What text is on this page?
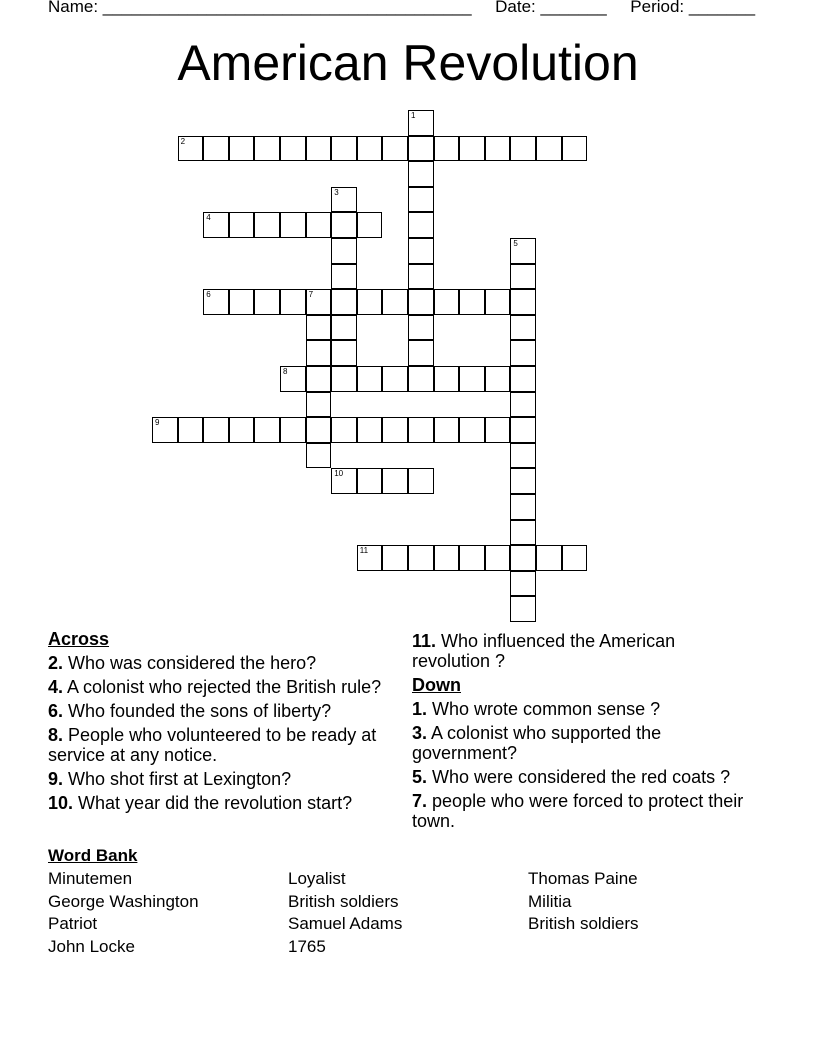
Name: _______________________________________     Date: _______     Period: _______
American Revolution
1
2
3
4
5
6	7
8
9
10
11
Across
2. Who was considered the hero?
4. A colonist who rejected the British rule?
6. Who founded the sons of liberty?
8. People who volunteered to be ready at service at any notice.
9. Who shot first at Lexington?
10. What year did the revolution start?
11. Who influenced the American revolution ?
Down
1. Who wrote common sense ?
3. A colonist who supported the government?
5. Who were considered the red coats ?
7. people who were forced to protect their town.
Word Bank
Minutemen	Loyalist	Thomas Paine
George Washington	British soldiers	Militia
Patriot	Samuel Adams	British soldiers
John Locke	1765
